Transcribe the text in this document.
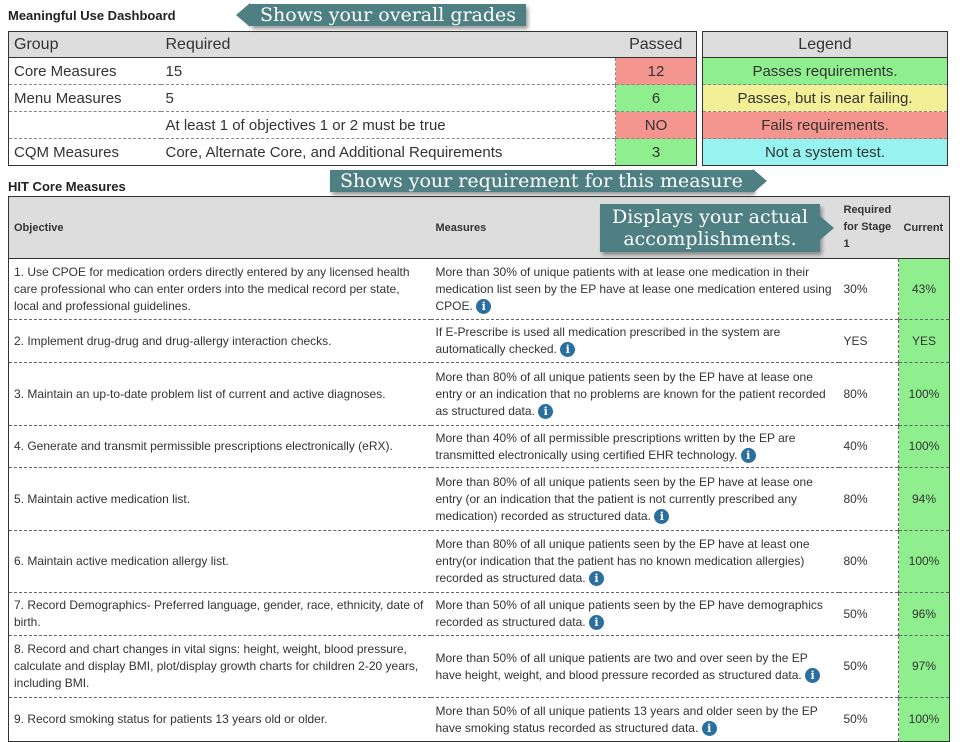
Meaningful Use Dashboard	Shows your overall grades
Group	Required	Passed
Core Measures	15	12
Menu Measures	5	6
	At least 1 of objectives 1 or 2 must be true	NO
CQM Measures	Core, Alternate Core, and Additional Requirements	3
Legend
Passes requirements.
Passes, but is near failing.
Fails requirements.
Not a system test.
HIT Core Measures	Shows your requirement for this measure
Objective	Measures	Required for Stage 1	Current
1. Use CPOE for medication orders directly entered by any licensed health care professional who can enter orders into the medical record per state, local and professional guidelines.	More than 30% of unique patients with at lease one medication in their medication list seen by the EP have at lease one medication entered using CPOE. i	30%	43%
2. Implement drug-drug and drug-allergy interaction checks.	If E-Prescribe is used all medication prescribed in the system are automatically checked. i	YES	YES
3. Maintain an up-to-date problem list of current and active diagnoses.	More than 80% of all unique patients seen by the EP have at lease one entry or an indication that no problems are known for the patient recorded as structured data. i	80%	100%
4. Generate and transmit permissible prescriptions electronically (eRX).	More than 40% of all permissible prescriptions written by the EP are transmitted electronically using certified EHR technology. i	40%	100%
5. Maintain active medication list.	More than 80% of all unique patients seen by the EP have at lease one entry (or an indication that the patient is not currently prescribed any medication) recorded as structured data. i	80%	94%
6. Maintain active medication allergy list.	More than 80% of all unique patients seen by the EP have at least one entry(or indication that the patient has no known medication allergies) recorded as structured data. i	80%	100%
7. Record Demographics- Preferred language, gender, race, ethnicity, date of birth.	More than 50% of all unique patients seen by the EP have demographics recorded as structured data. i	50%	96%
8. Record and chart changes in vital signs: height, weight, blood pressure, calculate and display BMI, plot/display growth charts for children 2-20 years, including BMI.	More than 50% of all unique patients are two and over seen by the EP have height, weight, and blood pressure recorded as structured data. i	50%	97%
9. Record smoking status for patients 13 years old or older.	More than 50% of all unique patients 13 years and older seen by the EP have smoking status recorded as structured data. i	50%	100%
Displays your actual
accomplishments.
